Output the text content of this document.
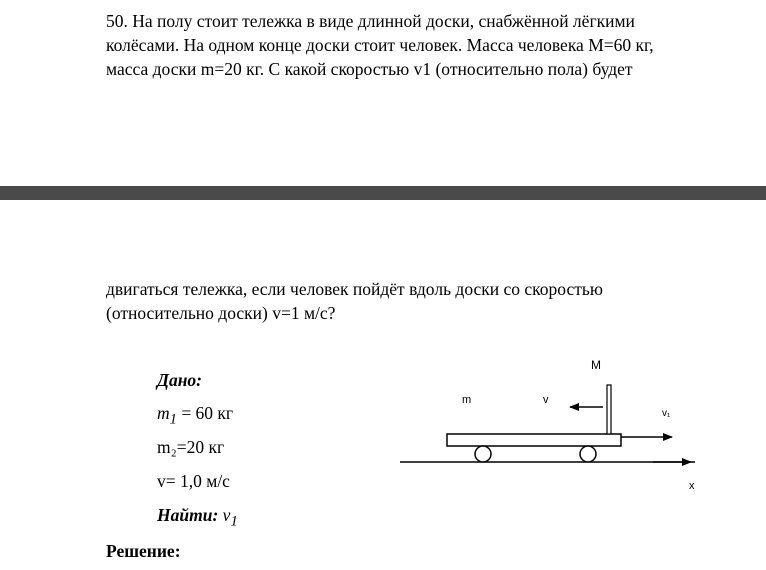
50. На полу стоит тележка в виде длинной доски, снабжённой лёгкими
колёсами. На одном конце доски стоит человек. Масса человека М=60 кг,
масса доски m=20 кг. С какой скоростью v1 (относительно пола) будет
двигаться тележка, если человек пойдёт вдоль доски со скоростью
(относительно доски) v=1 м/с?
Дано:
$m_1 = 60$ кг
m₂=20 кг
v= 1,0 м/с
Найти: $v_1$
Решение:
M
m	v
v₁
x
